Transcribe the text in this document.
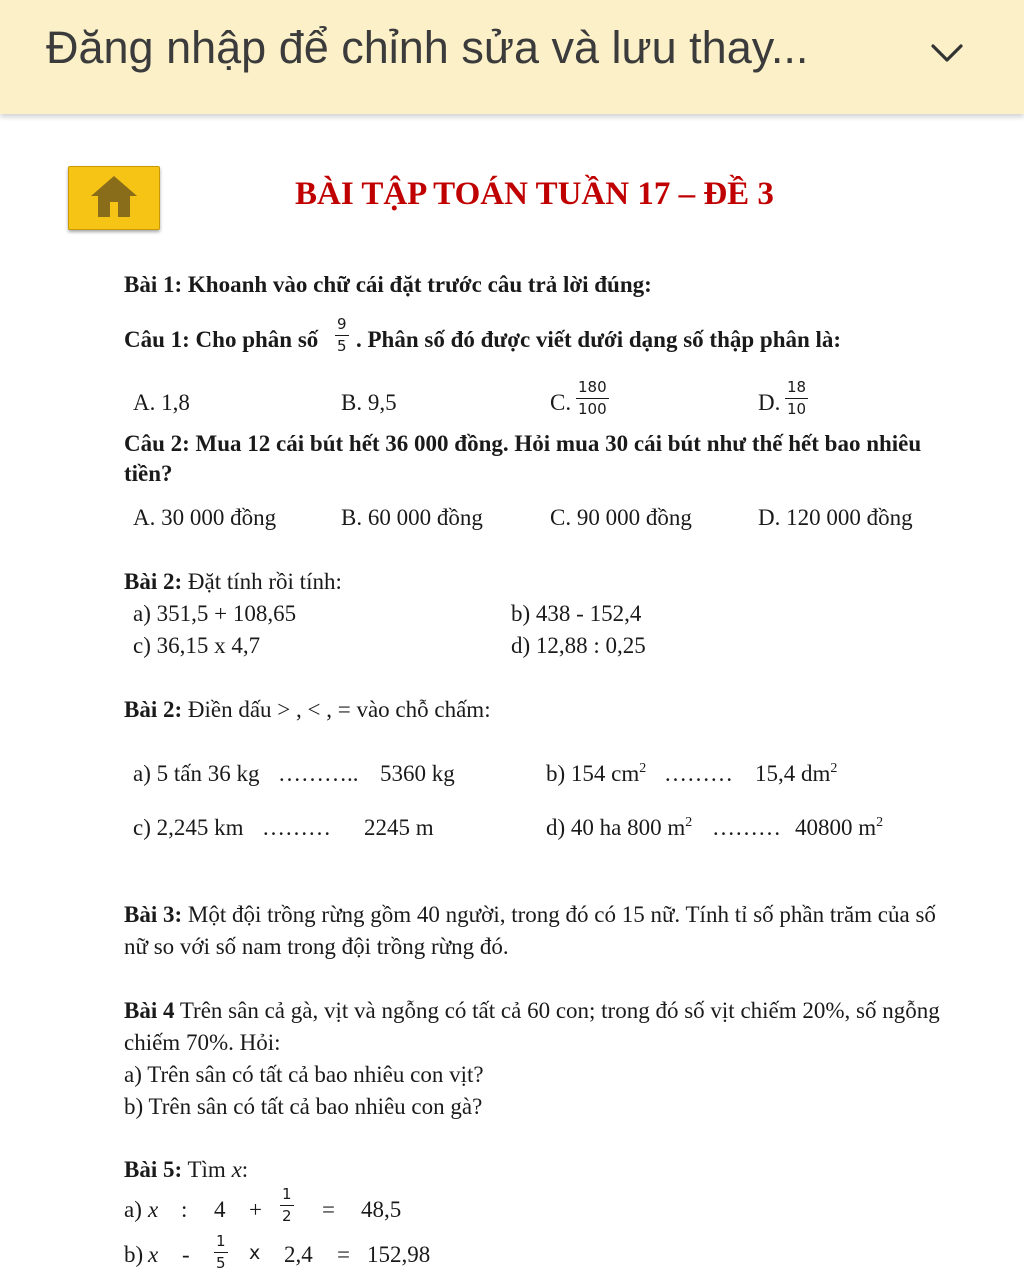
Đăng nhập để chỉnh sửa và lưu thay...
BÀI TẬP TOÁN TUẦN 17 – ĐỀ 3
Bài 1: Khoanh vào chữ cái đặt trước câu trả lời đúng:
Câu 1: Cho phân số $\frac{9}{5}$ . Phân số đó được viết dưới dạng số thập phân là:
A. 1,8	B. 9,5	C. $\frac{180}{100}$	D. $\frac{18}{10}$
Câu 2: Mua 12 cái bút hết 36 000 đồng. Hỏi mua 30 cái bút như thế hết bao nhiêu
tiền?
A. 30 000 đồng	B. 60 000 đồng	C. 90 000 đồng	D. 120 000 đồng
Bài 2: Đặt tính rồi tính:
a) 351,5 + 108,65	b) 438 - 152,4
c) 36,15 x 4,7	d) 12,88 : 0,25
Bài 2: Điền dấu > , < , = vào chỗ chấm:
a) 5 tấn 36 kg ……….. 5360 kg	b) 154 $cm^2$ ……… 15,4 $dm^2$
c) 2,245 km ……… 2245 m	d) 40 ha 800 $m^2$ ……… 40800 $m^2$
Bài 3: Một đội trồng rừng gồm 40 người, trong đó có 15 nữ. Tính tỉ số phần trăm của số
nữ so với số nam trong đội trồng rừng đó.
Bài 4 Trên sân cả gà, vịt và ngỗng có tất cả 60 con; trong đó số vịt chiếm 20%, số ngỗng
chiếm 70%. Hỏi:
a) Trên sân có tất cả bao nhiêu con vịt?
b) Trên sân có tất cả bao nhiêu con gà?
Bài 5: Tìm x:
a) x : $4 + \frac{1}{2} = 48,5$
b) x - $\frac{1}{5}$ x 2,4 = 152,98
